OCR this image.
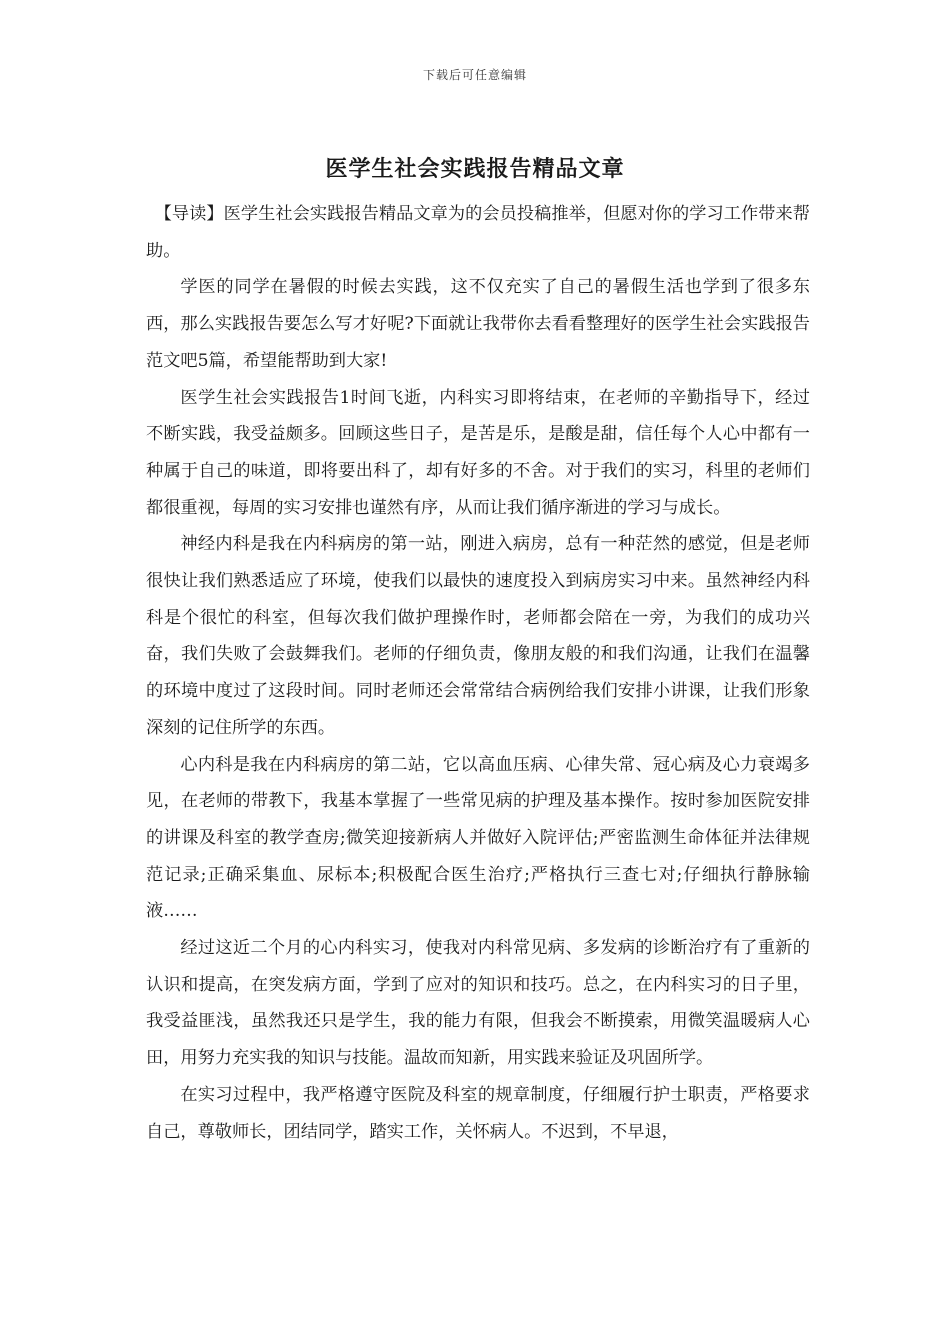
下载后可任意编辑
医学生社会实践报告精品文章

【导读】医学生社会实践报告精品文章为的会员投稿推举，但愿对你的学习工作带来帮助。

学医的同学在暑假的时候去实践，这不仅充实了自己的暑假生活也学到了很多东西，那么实践报告要怎么写才好呢?下面就让我带你去看看整理好的医学生社会实践报告范文吧5篇，希望能帮助到大家!

医学生社会实践报告1时间飞逝，内科实习即将结束，在老师的辛勤指导下，经过不断实践，我受益颇多。回顾这些日子，是苦是乐，是酸是甜，信任每个人心中都有一种属于自己的味道，即将要出科了，却有好多的不舍。对于我们的实习，科里的老师们都很重视，每周的实习安排也谨然有序，从而让我们循序渐进的学习与成长。

神经内科是我在内科病房的第一站，刚进入病房，总有一种茫然的感觉，但是老师很快让我们熟悉适应了环境，使我们以最快的速度投入到病房实习中来。虽然神经内科科是个很忙的科室，但每次我们做护理操作时，老师都会陪在一旁，为我们的成功兴奋，我们失败了会鼓舞我们。老师的仔细负责，像朋友般的和我们沟通，让我们在温馨的环境中度过了这段时间。同时老师还会常常结合病例给我们安排小讲课，让我们形象深刻的记住所学的东西。

心内科是我在内科病房的第二站，它以高血压病、心律失常、冠心病及心力衰竭多见，在老师的带教下，我基本掌握了一些常见病的护理及基本操作。按时参加医院安排的讲课及科室的教学查房;微笑迎接新病人并做好入院评估;严密监测生命体征并法律规范记录;正确采集血、尿标本;积极配合医生治疗;严格执行三查七对;仔细执行静脉输液……

经过这近二个月的心内科实习，使我对内科常见病、多发病的诊断治疗有了重新的认识和提高，在突发病方面，学到了应对的知识和技巧。总之，在内科实习的日子里，我受益匪浅，虽然我还只是学生，我的能力有限，但我会不断摸索，用微笑温暖病人心田，用努力充实我的知识与技能。温故而知新，用实践来验证及巩固所学。

在实习过程中，我严格遵守医院及科室的规章制度，仔细履行护士职责，严格要求自己，尊敬师长，团结同学，踏实工作，关怀病人。不迟到，不早退，
